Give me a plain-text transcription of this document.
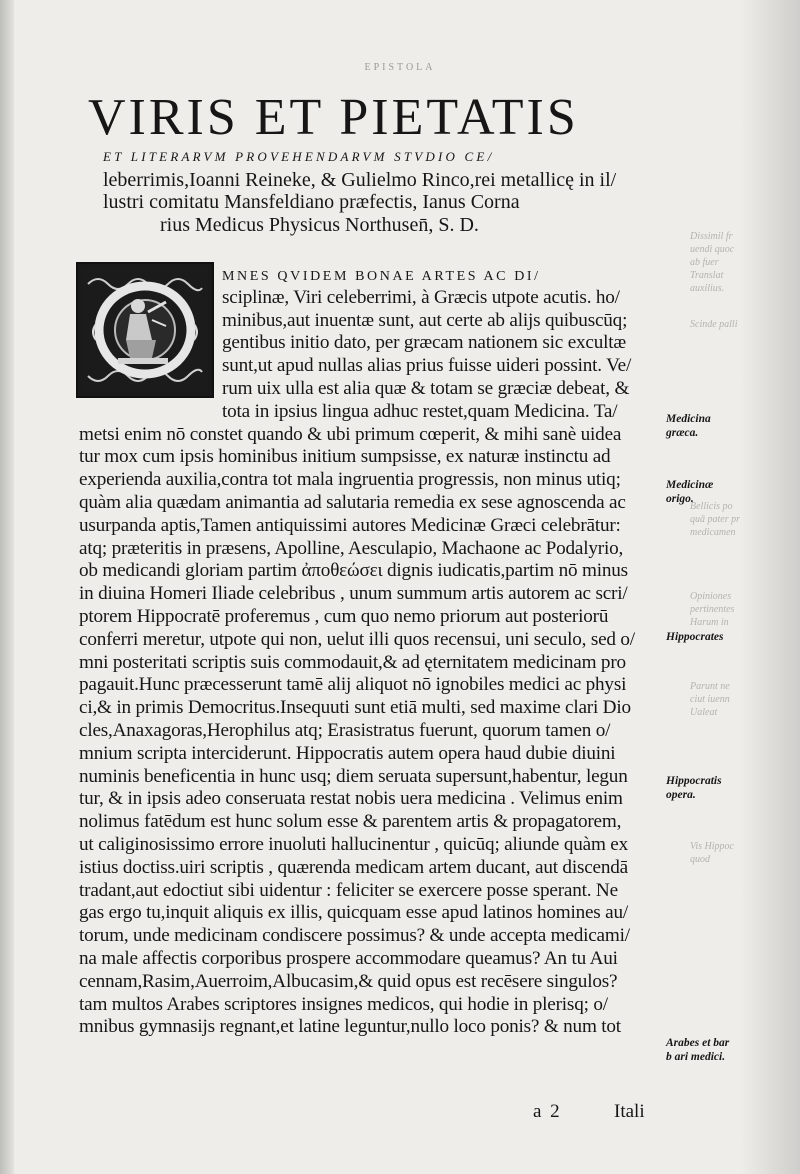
Dissimil fr
uendi quoc
ab fuer
Translat
auxilius.
Scinde palli
Bellicis po
quā pater pr
medicamen
Opiniones
pertinentes
Harum in
Parunt ne
ciut iuenn
Ualeat
Vis Hippoc
quod
EPISTOLA
VIRIS ET PIETATIS
ET LITERARVM PROVEHENDARVM STVDIO CE/
leberrimis,Ioanni Reineke, & Gulielmo Rinco,rei metallicę in il/
lustri comitatu Mansfeldiano præfectis, Ianus Corna
rius Medicus Physicus Northusen̄, S. D.
MNES QVIDEM BONAE ARTES AC DI/
sciplinæ, Viri celeberrimi, à Græcis utpote acutis. ho/
minibus,aut inuentæ sunt, aut certe ab alijs quibuscūq;
gentibus initio dato, per græcam nationem sic excultæ
sunt,ut apud nullas alias prius fuisse uideri possint. Ve/
rum uix ulla est alia quæ & totam se græciæ debeat, &
tota in ipsius lingua adhuc restet,quam Medicina. Ta/
metsi enim nō constet quando & ubi primum cœperit, & mihi sanè uidea
tur mox cum ipsis hominibus initium sumpsisse, ex naturæ instinctu ad
experienda auxilia,contra tot mala ingruentia progressis, non minus utiq;
quàm alia quædam animantia ad salutaria remedia ex sese agnoscenda ac
usurpanda aptis,Tamen antiquissimi autores Medicinæ Græci celebrātur:
atq; præteritis in præsens, Apolline, Aesculapio, Machaone ac Podalyrio,
ob medicandi gloriam partim ἀποθεώσει dignis iudicatis,partim nō minus
in diuina Homeri Iliade celebribus , unum summum artis autorem ac scri/
ptorem Hippocratē proferemus , cum quo nemo priorum aut posteriorū
conferri meretur, utpote qui non, uelut illi quos recensui, uni seculo, sed o/
mni posteritati scriptis suis commodauit,& ad ęternitatem medicinam pro
pagauit.Hunc præcesserunt tamē alij aliquot nō ignobiles medici ac physi
ci,& in primis Democritus.Insequuti sunt etiā multi, sed maxime clari Dio
cles,Anaxagoras,Herophilus atq; Erasistratus fuerunt, quorum tamen o/
mnium scripta interciderunt. Hippocratis autem opera haud dubie diuini
numinis beneficentia in hunc usq; diem seruata supersunt,habentur, legun
tur, & in ipsis adeo conseruata restat nobis uera medicina . Velimus enim
nolimus fatēdum est hunc solum esse & parentem artis & propagatorem,
ut caliginosissimo errore inuoluti hallucinentur , quicūq; aliunde quàm ex
istius doctiss.uiri scriptis , quærenda medicam artem ducant, aut discendā
tradant,aut edoctiut sibi uidentur : feliciter se exercere posse sperant. Ne
gas ergo tu,inquit aliquis ex illis, quicquam esse apud latinos homines au/
torum, unde medicinam condiscere possimus? & unde accepta medicami/
na male affectis corporibus prospere accommodare queamus? An tu Aui
cennam,Rasim,Auerroim,Albucasim,& quid opus est recēsere singulos?
tam multos Arabes scriptores insignes medicos, qui hodie in plerisq; o/
mnibus gymnasijs regnant,et latine leguntur,nullo loco ponis? & num tot
Medicina
græca.
Medicinæ
origo.
Hippocrates
Hippocratis
opera.
Arabes et bar
b ari medici.
a 2	Itali
